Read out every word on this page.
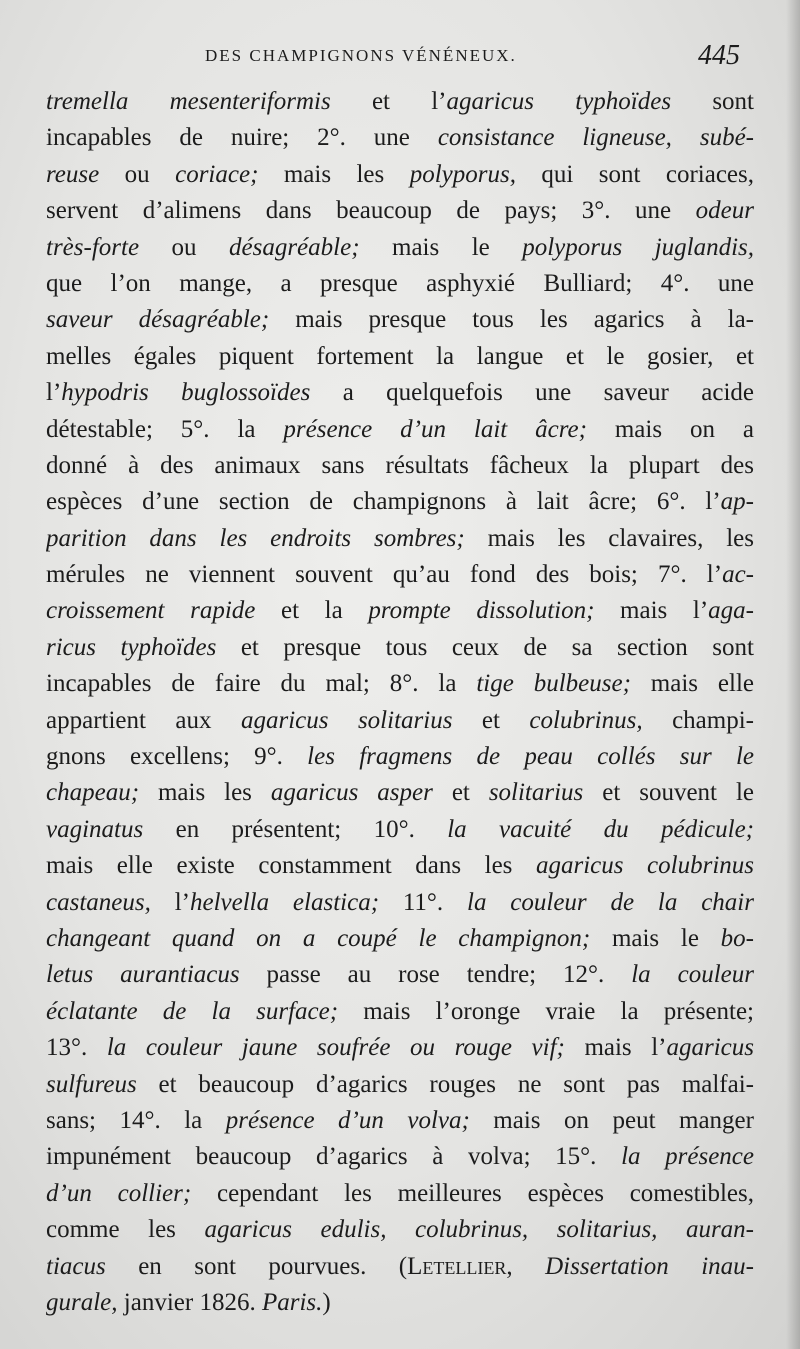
DES CHAMPIGNONS VÉNÉNEUX.	445
tremella mesenteriformis et l’agaricus typhoïdes sont
incapables de nuire; 2°. une consistance ligneuse, subé-
reuse ou coriace; mais les polyporus, qui sont coriaces,
servent d’alimens dans beaucoup de pays; 3°. une odeur
très-forte ou désagréable; mais le polyporus juglandis,
que l’on mange, a presque asphyxié Bulliard; 4°. une
saveur désagréable; mais presque tous les agarics à la-
melles égales piquent fortement la langue et le gosier, et
l’hypodris buglossoïdes a quelquefois une saveur acide
détestable; 5°. la présence d’un lait âcre; mais on a
donné à des animaux sans résultats fâcheux la plupart des
espèces d’une section de champignons à lait âcre; 6°. l’ap-
parition dans les endroits sombres; mais les clavaires, les
mérules ne viennent souvent qu’au fond des bois; 7°. l’ac-
croissement rapide et la prompte dissolution; mais l’aga-
ricus typhoïdes et presque tous ceux de sa section sont
incapables de faire du mal; 8°. la tige bulbeuse; mais elle
appartient aux agaricus solitarius et colubrinus, champi-
gnons excellens; 9°. les fragmens de peau collés sur le
chapeau; mais les agaricus asper et solitarius et souvent le
vaginatus en présentent; 10°. la vacuité du pédicule;
mais elle existe constamment dans les agaricus colubrinus
castaneus, l’helvella elastica; 11°. la couleur de la chair
changeant quand on a coupé le champignon; mais le bo-
letus aurantiacus passe au rose tendre; 12°. la couleur
éclatante de la surface; mais l’oronge vraie la présente;
13°. la couleur jaune soufrée ou rouge vif; mais l’agaricus
sulfureus et beaucoup d’agarics rouges ne sont pas malfai-
sans; 14°. la présence d’un volva; mais on peut manger
impunément beaucoup d’agarics à volva; 15°. la présence
d’un collier; cependant les meilleures espèces comestibles,
comme les agaricus edulis, colubrinus, solitarius, auran-
tiacus en sont pourvues. (Letellier, Dissertation inau-
gurale, janvier 1826. Paris.)
